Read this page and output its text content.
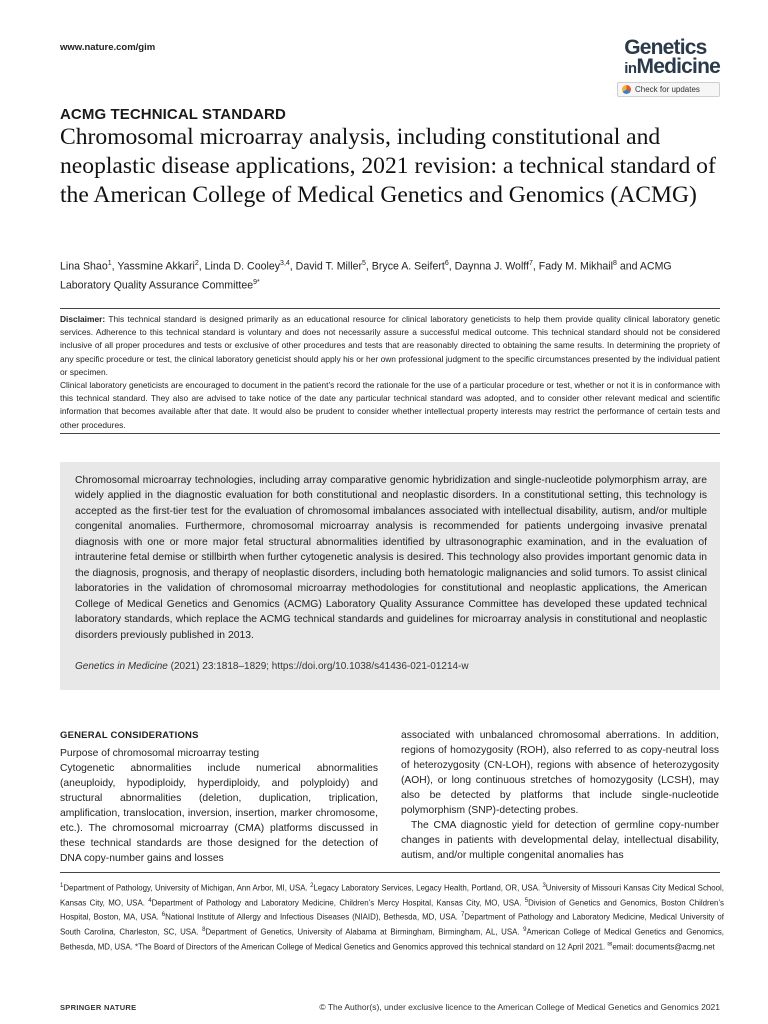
www.nature.com/gim	Genetics
inMedicine
Check for updates
ACMG TECHNICAL STANDARD
Chromosomal microarray analysis, including constitutional and neoplastic disease applications, 2021 revision: a technical standard of the American College of Medical Genetics and Genomics (ACMG)
Lina Shao$^1$, Yassmine Akkari$^2$, Linda D. Cooley$^{3,4}$, David T. Miller$^5$, Bryce A. Seifert$^6$, Daynna J. Wolff$^7$, Fady M. Mikhail$^8$ and ACMG Laboratory Quality Assurance Committee$^{9*}$

Disclaimer: This technical standard is designed primarily as an educational resource for clinical laboratory geneticists to help them provide quality clinical laboratory genetic services. Adherence to this technical standard is voluntary and does not necessarily assure a successful medical outcome. This technical standard should not be considered inclusive of all proper procedures and tests or exclusive of other procedures and tests that are reasonably directed to obtaining the same results. In determining the propriety of any specific procedure or test, the clinical laboratory geneticist should apply his or her own professional judgment to the specific circumstances presented by the individual patient or specimen.

Clinical laboratory geneticists are encouraged to document in the patient’s record the rationale for the use of a particular procedure or test, whether or not it is in conformance with this technical standard. They also are advised to take notice of the date any particular technical standard was adopted, and to consider other relevant medical and scientific information that becomes available after that date. It would also be prudent to consider whether intellectual property interests may restrict the performance of certain tests and other procedures.

Chromosomal microarray technologies, including array comparative genomic hybridization and single-nucleotide polymorphism array, are widely applied in the diagnostic evaluation for both constitutional and neoplastic disorders. In a constitutional setting, this technology is accepted as the first-tier test for the evaluation of chromosomal imbalances associated with intellectual disability, autism, and/or multiple congenital anomalies. Furthermore, chromosomal microarray analysis is recommended for patients undergoing invasive prenatal diagnosis with one or more major fetal structural abnormalities identified by ultrasonographic examination, and in the evaluation of intrauterine fetal demise or stillbirth when further cytogenetic analysis is desired. This technology also provides important genomic data in the diagnosis, prognosis, and therapy of neoplastic disorders, including both hematologic malignancies and solid tumors. To assist clinical laboratories in the validation of chromosomal microarray methodologies for constitutional and neoplastic applications, the American College of Medical Genetics and Genomics (ACMG) Laboratory Quality Assurance Committee has developed these updated technical laboratory standards, which replace the ACMG technical standards and guidelines for microarray analysis in constitutional and neoplastic disorders previously published in 2013.
Genetics in Medicine (2021) 23:1818–1829; https://doi.org/10.1038/s41436-021-01214-w

GENERAL CONSIDERATIONS

Purpose of chromosomal microarray testing

Cytogenetic abnormalities include numerical abnormalities (aneuploidy, hypodiploidy, hyperdiploidy, and polyploidy) and structural abnormalities (deletion, duplication, triplication, amplification, translocation, inversion, insertion, marker chromosome, etc.). The chromosomal microarray (CMA) platforms discussed in these technical standards are those designed for the detection of DNA copy-number gains and losses

associated with unbalanced chromosomal aberrations. In addition, regions of homozygosity (ROH), also referred to as copy-neutral loss of heterozygosity (CN-LOH), regions with absence of heterozygosity (AOH), or long continuous stretches of homozygosity (LCSH), may also be detected by platforms that include single-nucleotide polymorphism (SNP)-detecting probes.

The CMA diagnostic yield for detection of germline copy-number changes in patients with developmental delay, intellectual disability, autism, and/or multiple congenital anomalies has

$^1$Department of Pathology, University of Michigan, Ann Arbor, MI, USA. $^2$Legacy Laboratory Services, Legacy Health, Portland, OR, USA. $^3$University of Missouri Kansas City Medical School, Kansas City, MO, USA. $^4$Department of Pathology and Laboratory Medicine, Children’s Mercy Hospital, Kansas City, MO, USA. $^5$Division of Genetics and Genomics, Boston Children’s Hospital, Boston, MA, USA. $^6$National Institute of Allergy and Infectious Diseases (NIAID), Bethesda, MD, USA. $^7$Department of Pathology and Laboratory Medicine, Medical University of South Carolina, Charleston, SC, USA. $^8$Department of Genetics, University of Alabama at Birmingham, Birmingham, AL, USA. $^9$American College of Medical Genetics and Genomics, Bethesda, MD, USA. *The Board of Directors of the American College of Medical Genetics and Genomics approved this technical standard on 12 April 2021. ✉email: documents@acmg.net
SPRINGER NATURE	© The Author(s), under exclusive licence to the American College of Medical Genetics and Genomics 2021
